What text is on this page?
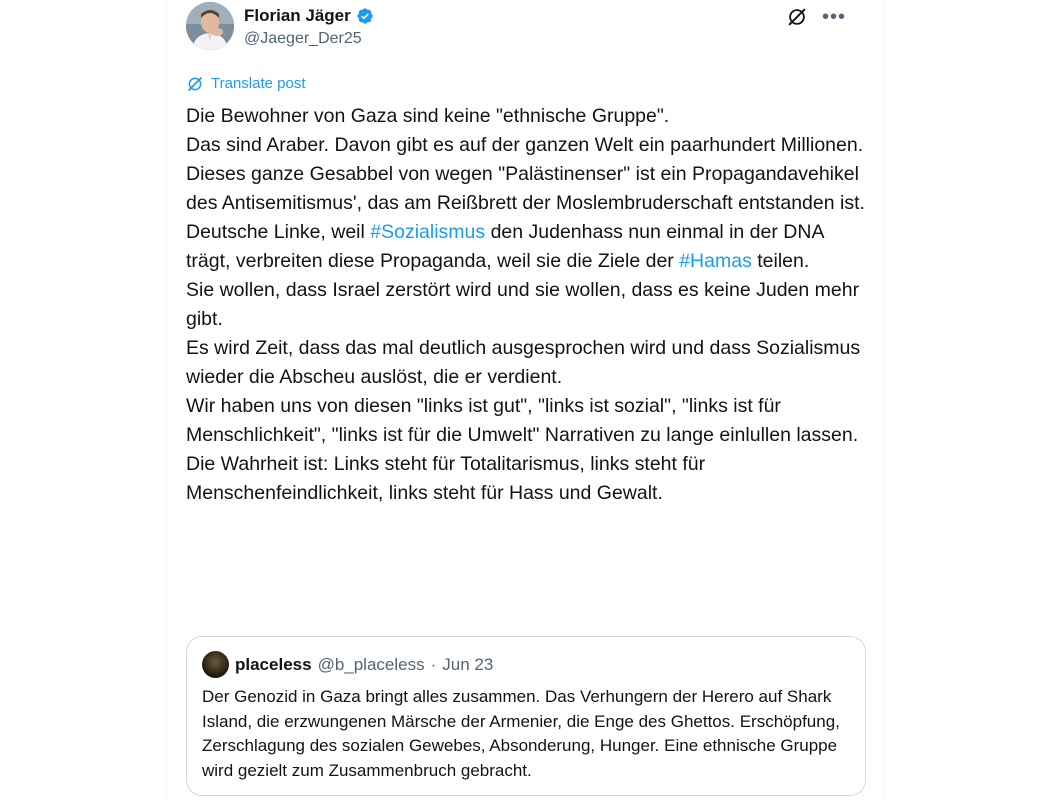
Florian Jäger
@Jaeger_Der25
•••
Translate post

Die Bewohner von Gaza sind keine "ethnische Gruppe".

Das sind Araber. Davon gibt es auf der ganzen Welt ein paarhundert Millionen.

Dieses ganze Gesabbel von wegen "Palästinenser" ist ein Propagandavehikel des Antisemitismus', das am Reißbrett der Moslembruderschaft entstanden ist.

Deutsche Linke, weil #Sozialismus den Judenhass nun einmal in der DNA trägt, verbreiten diese Propaganda, weil sie die Ziele der #Hamas teilen.

Sie wollen, dass Israel zerstört wird und sie wollen, dass es keine Juden mehr gibt.

Es wird Zeit, dass das mal deutlich ausgesprochen wird und dass Sozialismus wieder die Abscheu auslöst, die er verdient.

Wir haben uns von diesen "links ist gut", "links ist sozial", "links ist für Menschlichkeit", "links ist für die Umwelt" Narrativen zu lange einlullen lassen.

Die Wahrheit ist: Links steht für Totalitarismus, links steht für Menschenfeindlichkeit, links steht für Hass und Gewalt.

placeless @b_placeless · Jun 23
Der Genozid in Gaza bringt alles zusammen. Das Verhungern der Herero auf Shark Island, die erzwungenen Märsche der Armenier, die Enge des Ghettos. Erschöpfung, Zerschlagung des sozialen Gewebes, Absonderung, Hunger. Eine ethnische Gruppe wird gezielt zum Zusammenbruch gebracht.
